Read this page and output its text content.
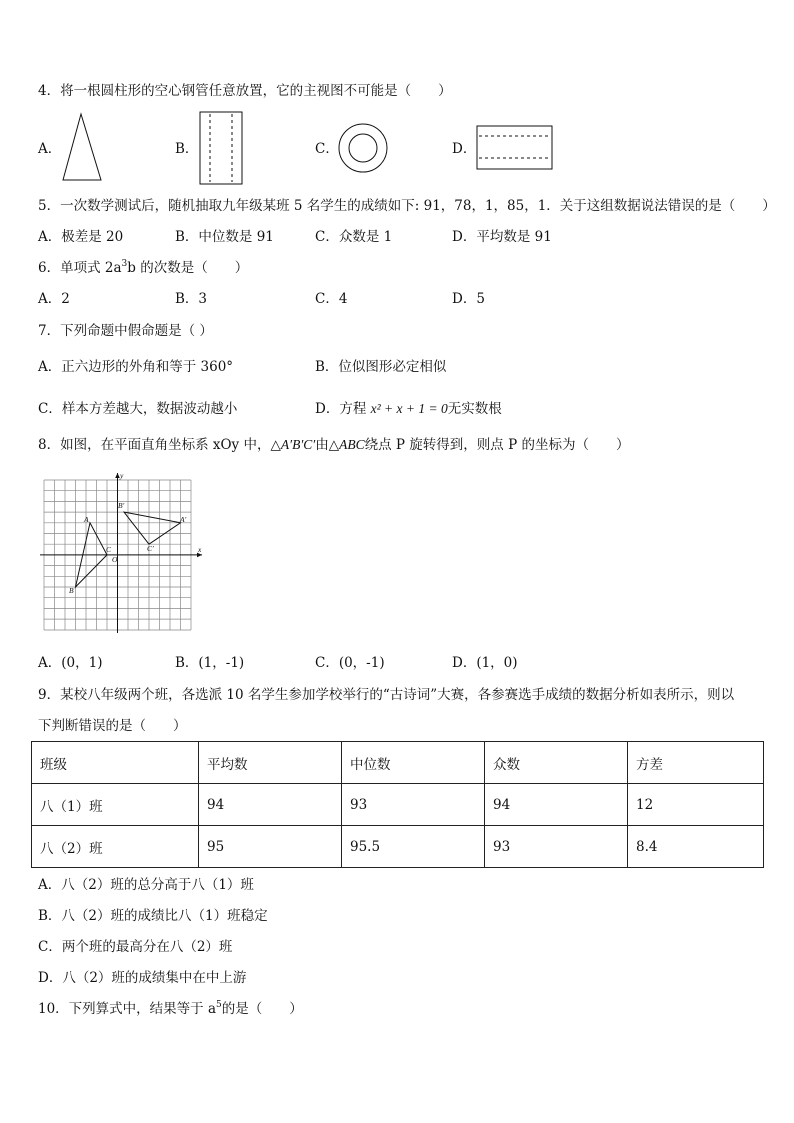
4．将一根圆柱形的空心钢管任意放置，它的主视图不可能是（　　）
A．	B．	C．	D．
5．一次数学测试后，随机抽取九年级某班 5 名学生的成绩如下: 91，78，1，85，1．关于这组数据说法错误的是（　　）
A．极差是 20	B．中位数是 91	C．众数是 1	D．平均数是 91
6．单项式 $2a^3b$ 的次数是（　　）
A．2	B．3	C．4	D．5
7．下列命题中假命题是（ ）
A．正六边形的外角和等于 360°	B．位似图形必定相似
C．样本方差越大，数据波动越小	D．方程 x² + x + 1 = 0无实数根
8．如图，在平面直角坐标系 xOy 中，△A′B′C′由△ABC绕点 P 旋转得到，则点 P 的坐标为（　　）
y
x
O
A
B
C
A′
B′
C′
A．(0，1)	B．(1，-1)	C．(0，-1)	D．(1，0)
9．某校八年级两个班，各选派 10 名学生参加学校举行的“古诗词”大赛，各参赛选手成绩的数据分析如表所示，则以
下判断错误的是（　　）
班级	平均数	中位数	众数	方差
八（1）班	94	93	94	12
八（2）班	95	95.5	93	8.4
A．八（2）班的总分高于八（1）班
B．八（2）班的成绩比八（1）班稳定
C．两个班的最高分在八（2）班
D．八（2）班的成绩集中在中上游
10．下列算式中，结果等于 $a^5$的是（　　）
